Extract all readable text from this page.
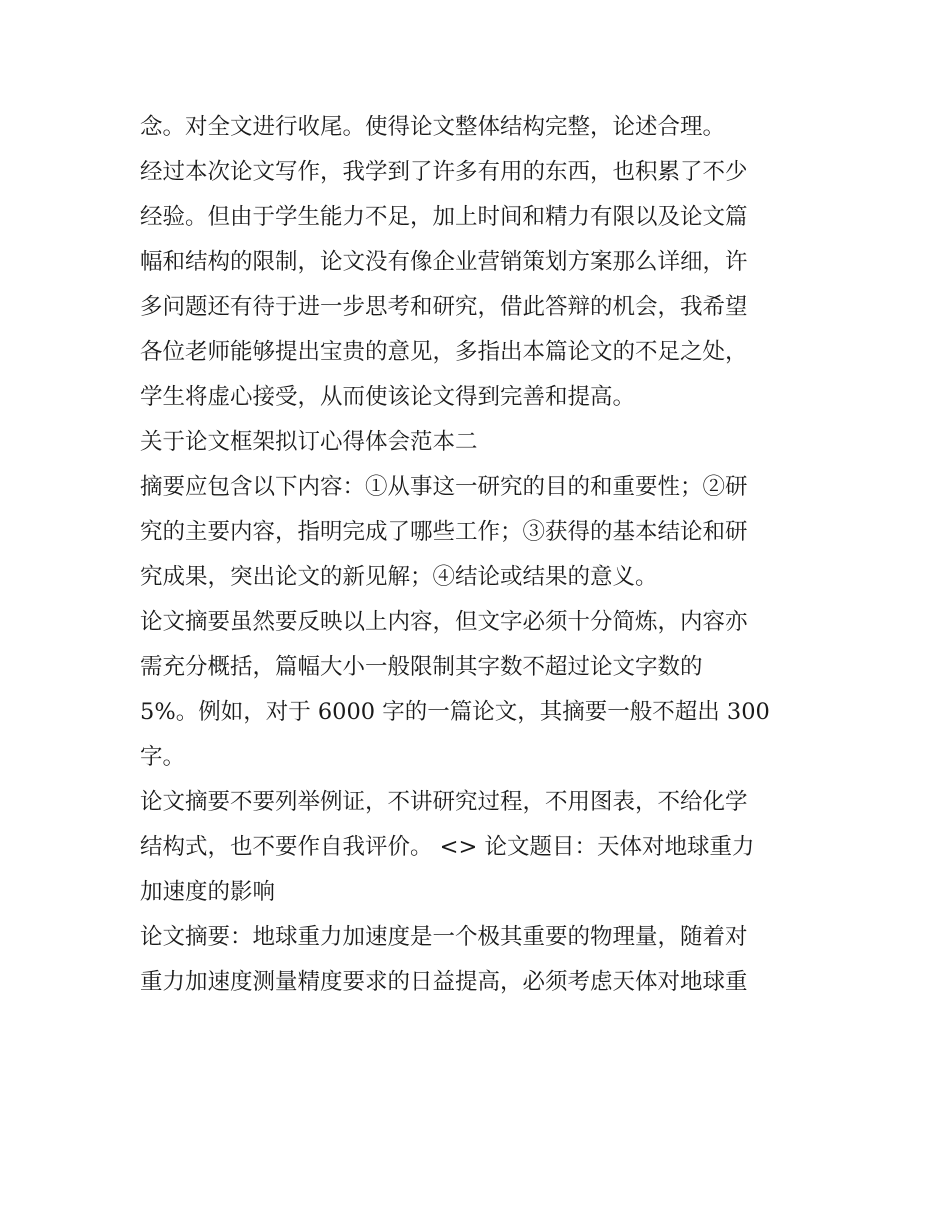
念。对全文进行收尾。使得论文整体结构完整，论述合理。
经过本次论文写作，我学到了许多有用的东西，也积累了不少
经验。但由于学生能力不足，加上时间和精力有限以及论文篇
幅和结构的限制，论文没有像企业营销策划方案那么详细，许
多问题还有待于进一步思考和研究，借此答辩的机会，我希望
各位老师能够提出宝贵的意见，多指出本篇论文的不足之处，
学生将虚心接受，从而使该论文得到完善和提高。
关于论文框架拟订心得体会范本二
摘要应包含以下内容：①从事这一研究的目的和重要性；②研
究的主要内容，指明完成了哪些工作；③获得的基本结论和研
究成果，突出论文的新见解；④结论或结果的意义。
论文摘要虽然要反映以上内容，但文字必须十分简炼，内容亦
需充分概括，篇幅大小一般限制其字数不超过论文字数的
5%。例如，对于 6000 字的一篇论文，其摘要一般不超出 300
字。
论文摘要不要列举例证，不讲研究过程，不用图表，不给化学
结构式，也不要作自我评价。 <> 论文题目：天体对地球重力
加速度的影响
论文摘要：地球重力加速度是一个极其重要的物理量，随着对
重力加速度测量精度要求的日益提高，必须考虑天体对地球重
